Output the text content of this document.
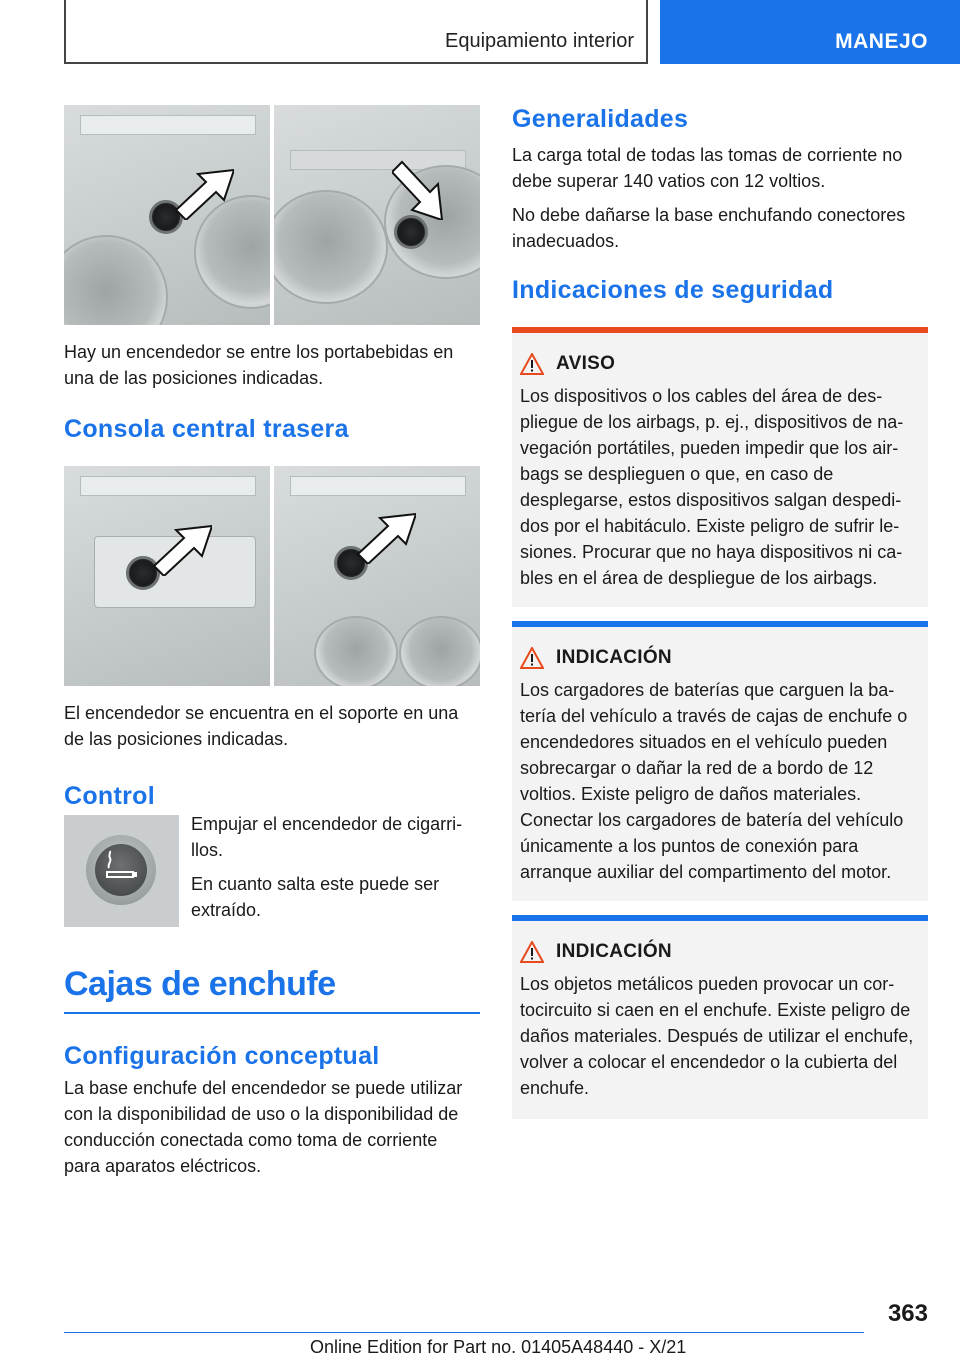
Equipamiento interior	MANEJO

Hay un encendedor se entre los portabebidas en una de las posiciones indicadas.

Consola central trasera

El encendedor se encuentra en el soporte en una de las posiciones indicadas.

Control

Empujar el encendedor de cigarrillos.

En cuanto salta este puede ser extraído.

Cajas de enchufe
Configuración conceptual

La base enchufe del encendedor se puede utilizar con la disponibilidad de uso o la disponibilidad de conducción conectada como toma de corriente para aparatos eléctricos.

Generalidades

La carga total de todas las tomas de corriente no debe superar 140 vatios con 12 voltios.

No debe dañarse la base enchufando conectores inadecuados.

Indicaciones de seguridad
AVISO

Los dispositivos o los cables del área de despliegue de los airbags, p. ej., dispositivos de navegación portátiles, pueden impedir que los airbags se desplieguen o que, en caso de desplegarse, estos dispositivos salgan despedidos por el habitáculo. Existe peligro de sufrir lesiones. Procurar que no haya dispositivos ni cables en el área de despliegue de los airbags.

INDICACIÓN

Los cargadores de baterías que carguen la batería del vehículo a través de cajas de enchufe o encendedores situados en el vehículo pueden sobrecargar o dañar la red de a bordo de 12 voltios. Existe peligro de daños materiales. Conectar los cargadores de batería del vehículo únicamente a los puntos de conexión para arranque auxiliar del compartimento del motor.

INDICACIÓN

Los objetos metálicos pueden provocar un cortocircuito si caen en el enchufe. Existe peligro de daños materiales. Después de utilizar el enchufe, volver a colocar el encendedor o la cubierta del enchufe.

363
Online Edition for Part no. 01405A48440 - X/21
